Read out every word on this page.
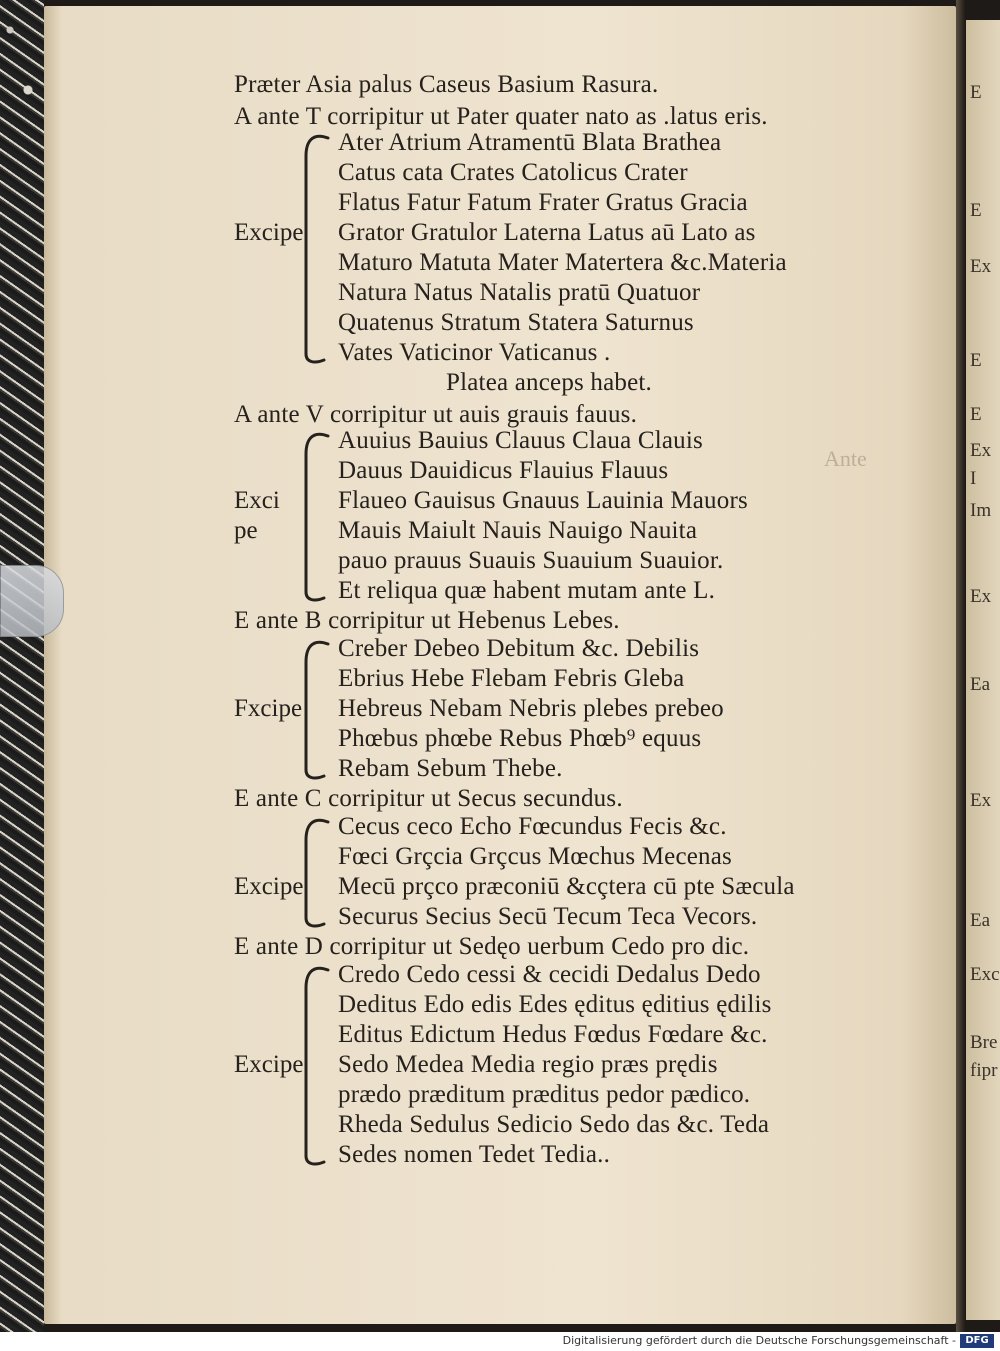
Ante
Præter Asia palus Caseus Basium Rasura.
A ante T corripitur ut Pater quater nato as .latus eris.
Ater Atrium Atramentū Blata Brathea
Catus cata Crates Catolicus Crater
Flatus Fatur Fatum Frater Gratus Gracia
Excipe Grator Gratulor Laterna Latus aū Lato as
Maturo Matuta Mater Matertera &c.Materia
Natura Natus Natalis pratū Quatuor
Quatenus Stratum Statera Saturnus
Vates Vaticinor Vaticanus .
Platea anceps habet.
A ante V corripitur ut auis grauis fauus.
Auuius Bauius Clauus Claua Clauis
Dauus Dauidicus Flauius Flauus
Exci Flaueo Gauisus Gnauus Lauinia Mauors
pe	Mauis Maiult Nauis Nauigo Nauita
pauo prauus Suauis Suauium Suauior.
Et reliqua quæ habent mutam ante L.
E ante B corripitur ut Hebenus Lebes.
Creber Debeo Debitum &c. Debilis
Ebrius Hebe Flebam Febris Gleba
Fxcipe Hebreus Nebam Nebris plebes prebeo
Phœbus phœbe Rebus Phœb⁹ equus
Rebam Sebum Thebe.
E ante C corripitur ut Secus secundus.
Cecus ceco Echo Fœcundus Fecis &c.
Fœci Grçcia Grçcus Mœchus Mecenas
Excipe Mecū prçco præconiū &cçtera cū pte Sæcula
Securus Secius Secū Tecum Teca Vecors.
E ante D corripitur ut Sedęo uerbum Cedo pro dic.
Credo Cedo cessi & cecidi Dedalus Dedo
Deditus Edo edis Edes ęditus ęditius ędilis
Editus Edictum Hedus Fœdus Fœdare &c.
Excipe Sedo Medea Media regio præs prędis
prædo præditum præditus pedor pædico.
Rheda Sedulus Sedicio Sedo das &c. Teda
Sedes nomen Tedet Tedia..
E
E
Ex
E
E
Ex
I
Im
Ex
Ea
Ex
Ea
Exc
Bre
fipr
Digitalisierung gefördert durch die Deutsche Forschungsgemeinschaft - DFG
